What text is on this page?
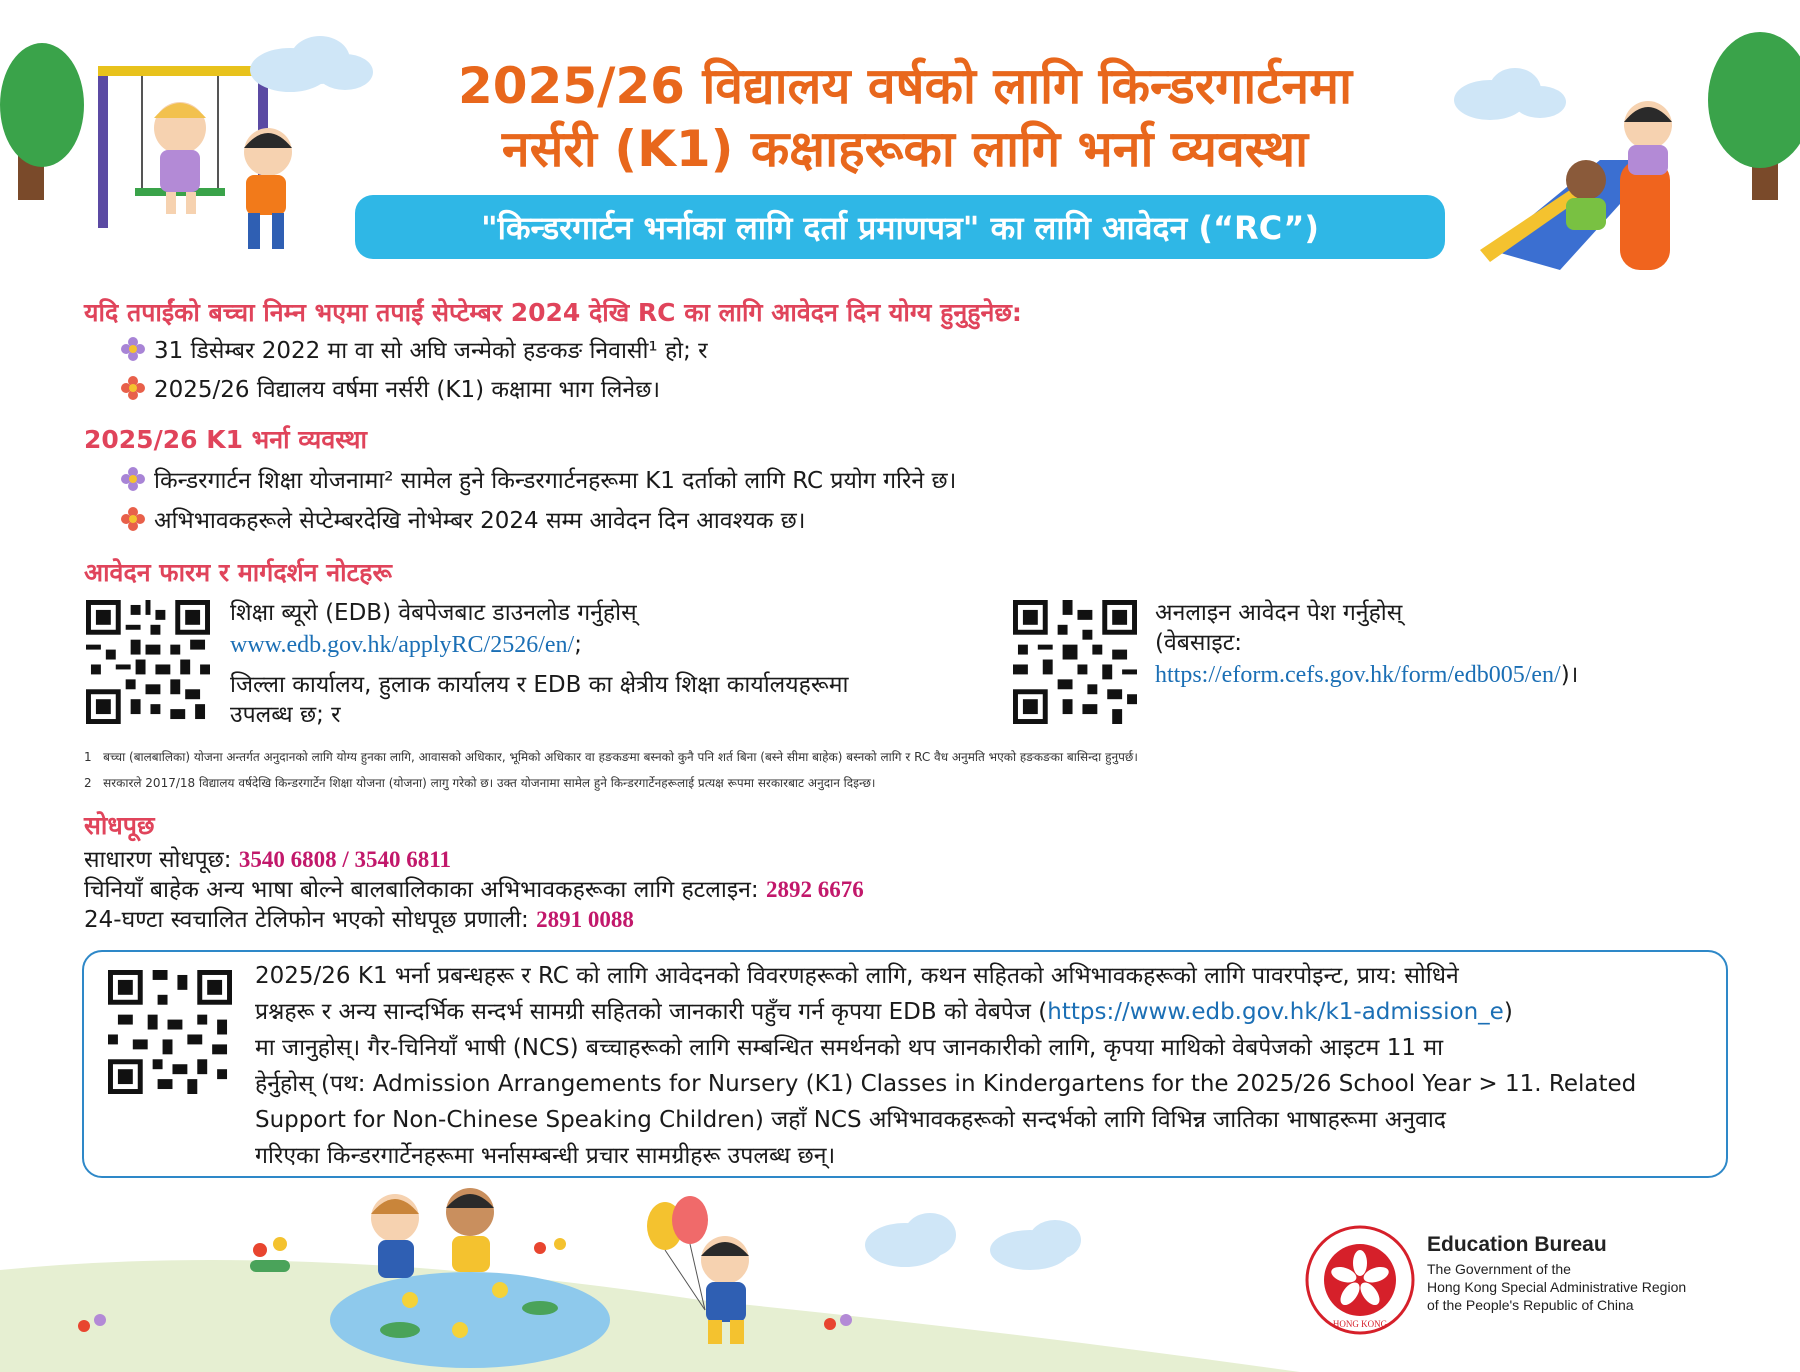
2025/26 विद्यालय वर्षको लागि किन्डरगार्टनमा
नर्सरी (K1) कक्षाहरूका लागि भर्ना व्यवस्था
"किन्डरगार्टन भर्नाका लागि दर्ता प्रमाणपत्र" का लागि आवेदन (“RC”)
यदि तपाईंको बच्चा निम्न भएमा तपाईं सेप्टेम्बर 2024 देखि RC का लागि आवेदन दिन योग्य हुनुहुनेछ:
31 डिसेम्बर 2022 मा वा सो अघि जन्मेको हङकङ निवासी¹ हो; र
2025/26 विद्यालय वर्षमा नर्सरी (K1) कक्षामा भाग लिनेछ।
2025/26 K1 भर्ना व्यवस्था
किन्डरगार्टन शिक्षा योजनामा² सामेल हुने किन्डरगार्टनहरूमा K1 दर्ताको लागि RC प्रयोग गरिने छ।
अभिभावकहरूले सेप्टेम्बरदेखि नोभेम्बर 2024 सम्म आवेदन दिन आवश्यक छ।
आवेदन फारम र मार्गदर्शन नोटहरू
शिक्षा ब्यूरो (EDB) वेबपेजबाट डाउनलोड गर्नुहोस्
www.edb.gov.hk/applyRC/2526/en/;
जिल्ला कार्यालय, हुलाक कार्यालय र EDB का क्षेत्रीय शिक्षा कार्यालयहरूमा
उपलब्ध छ; र
अनलाइन आवेदन पेश गर्नुहोस्
(वेबसाइट:
https://eform.cefs.gov.hk/form/edb005/en/)।
1 बच्चा (बालबालिका) योजना अन्तर्गत अनुदानको लागि योग्य हुनका लागि, आवासको अधिकार, भूमिको अधिकार वा हङकङमा बस्नको कुनै पनि शर्त बिना (बस्ने सीमा बाहेक) बस्नको लागि र RC वैध अनुमति भएको हङकङका बासिन्दा हुनुपर्छ।
2 सरकारले 2017/18 विद्यालय वर्षदेखि किन्डरगार्टेन शिक्षा योजना (योजना) लागु गरेको छ। उक्त योजनामा सामेल हुने किन्डरगार्टेनहरूलाई प्रत्यक्ष रूपमा सरकारबाट अनुदान दिइन्छ।
सोधपूछ
साधारण सोधपूछ: 3540 6808 / 3540 6811
चिनियाँ बाहेक अन्य भाषा बोल्ने बालबालिकाका अभिभावकहरूका लागि हटलाइन: 2892 6676
24-घण्टा स्वचालित टेलिफोन भएको सोधपूछ प्रणाली: 2891 0088
2025/26 K1 भर्ना प्रबन्धहरू र RC को लागि आवेदनको विवरणहरूको लागि, कथन सहितको अभिभावकहरूको लागि पावरपोइन्ट, प्राय: सोधिने
प्रश्नहरू र अन्य सान्दर्भिक सन्दर्भ सामग्री सहितको जानकारी पहुँच गर्न कृपया EDB को वेबपेज (https://www.edb.gov.hk/k1-admission_e)
मा जानुहोस्। गैर-चिनियाँ भाषी (NCS) बच्चाहरूको लागि सम्बन्धित समर्थनको थप जानकारीको लागि, कृपया माथिको वेबपेजको आइटम 11 मा
हेर्नुहोस् (पथ: Admission Arrangements for Nursery (K1) Classes in Kindergartens for the 2025/26 School Year > 11. Related
Support for Non-Chinese Speaking Children) जहाँ NCS अभिभावकहरूको सन्दर्भको लागि विभिन्न जातिका भाषाहरूमा अनुवाद
गरिएका किन्डरगार्टेनहरूमा भर्नासम्बन्धी प्रचार सामग्रीहरू उपलब्ध छन्।
HONG KONG
Education Bureau
The Government of the
Hong Kong Special Administrative Region
of the People's Republic of China
